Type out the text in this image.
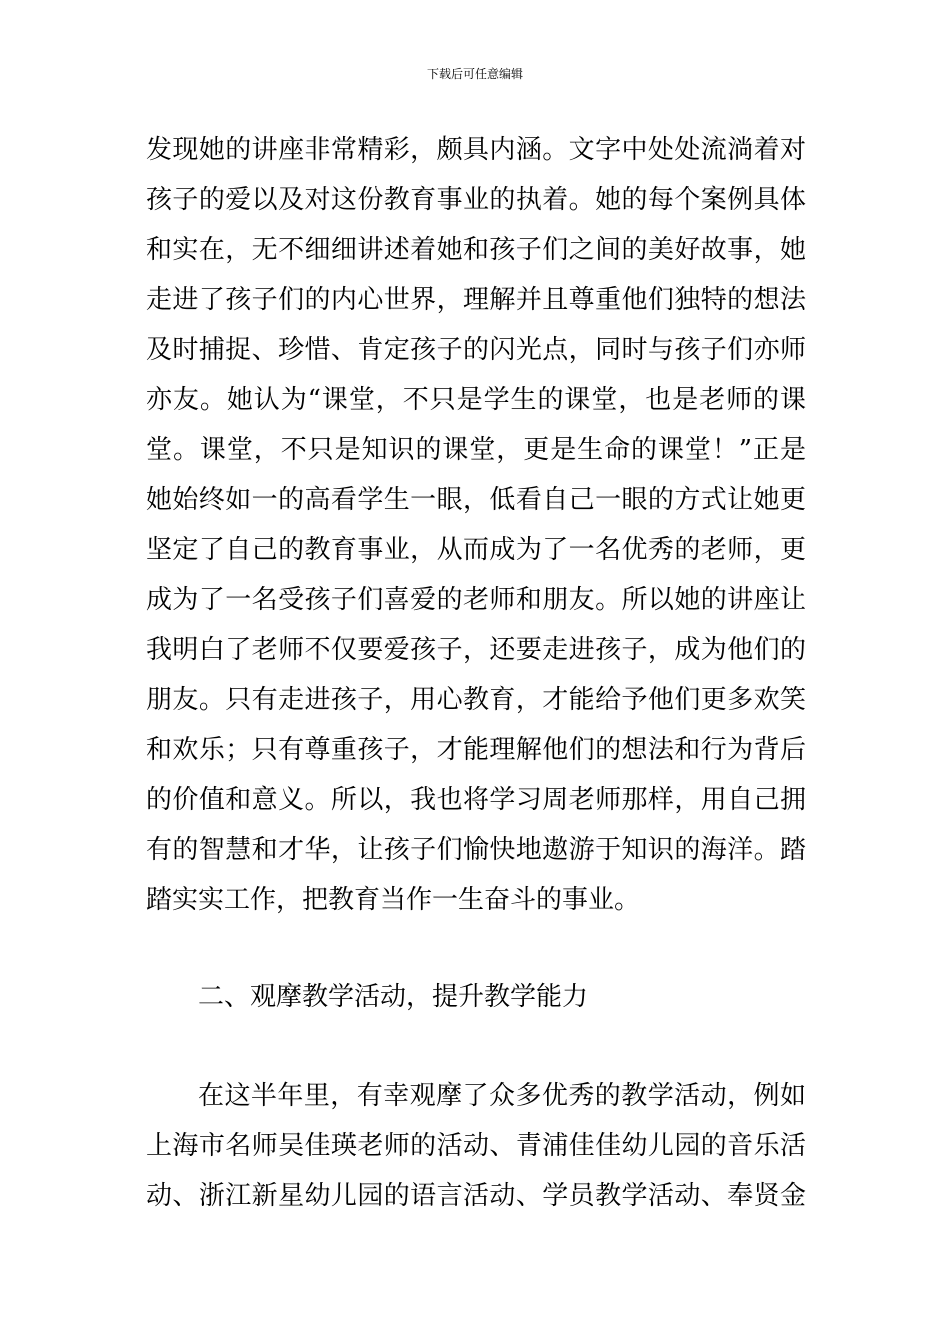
下载后可任意编辑
发现她的讲座非常精彩，颇具内涵。文字中处处流淌着对
孩子的爱以及对这份教育事业的执着。她的每个案例具体
和实在，无不细细讲述着她和孩子们之间的美好故事，她
走进了孩子们的内心世界，理解并且尊重他们独特的想法
及时捕捉、珍惜、肯定孩子的闪光点，同时与孩子们亦师
亦友。她认为“课堂，不只是学生的课堂，也是老师的课
堂。课堂，不只是知识的课堂，更是生命的课堂！”正是
她始终如一的高看学生一眼，低看自己一眼的方式让她更
坚定了自己的教育事业，从而成为了一名优秀的老师，更
成为了一名受孩子们喜爱的老师和朋友。所以她的讲座让
我明白了老师不仅要爱孩子，还要走进孩子，成为他们的
朋友。只有走进孩子，用心教育，才能给予他们更多欢笑
和欢乐；只有尊重孩子，才能理解他们的想法和行为背后
的价值和意义。所以，我也将学习周老师那样，用自己拥
有的智慧和才华，让孩子们愉快地遨游于知识的海洋。踏
踏实实工作，把教育当作一生奋斗的事业。
二、观摩教学活动，提升教学能力
在这半年里，有幸观摩了众多优秀的教学活动，例如
上海市名师吴佳瑛老师的活动、青浦佳佳幼儿园的音乐活
动、浙江新星幼儿园的语言活动、学员教学活动、奉贤金
